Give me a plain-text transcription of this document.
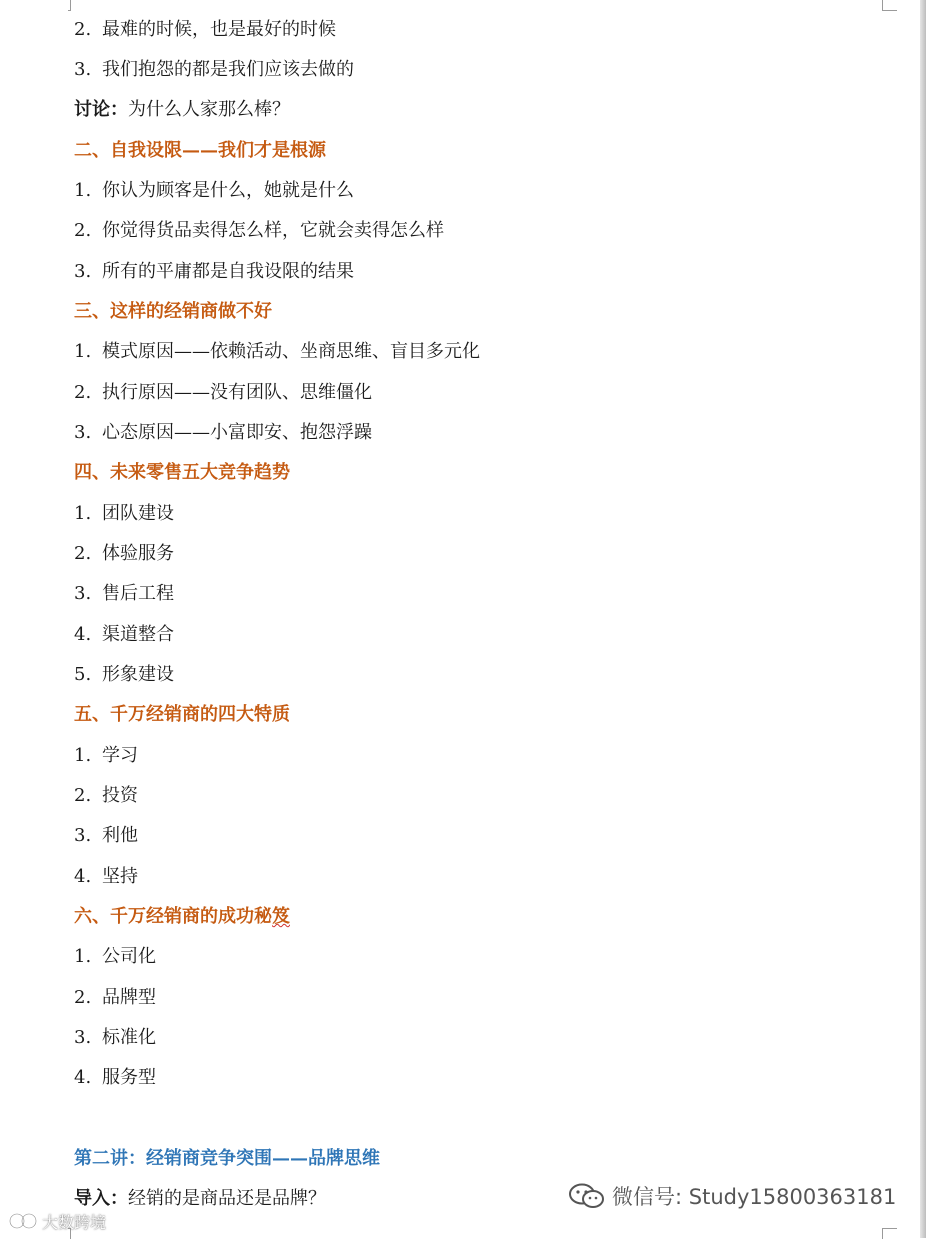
2. 最难的时候，也是最好的时候
3. 我们抱怨的都是我们应该去做的
讨论：为什么人家那么棒？
二、自我设限——我们才是根源
1. 你认为顾客是什么，她就是什么
2. 你觉得货品卖得怎么样，它就会卖得怎么样
3. 所有的平庸都是自我设限的结果
三、这样的经销商做不好
1. 模式原因——依赖活动、坐商思维、盲目多元化
2. 执行原因——没有团队、思维僵化
3. 心态原因——小富即安、抱怨浮躁
四、未来零售五大竞争趋势
1. 团队建设
2. 体验服务
3. 售后工程
4. 渠道整合
5. 形象建设
五、千万经销商的四大特质
1. 学习
2. 投资
3. 利他
4. 坚持
六、千万经销商的成功秘笈
1. 公司化
2. 品牌型
3. 标准化
4. 服务型
第二讲：经销商竞争突围——品牌思维
导入：经销的是商品还是品牌？	微信号: Study15800363181
大数跨境
